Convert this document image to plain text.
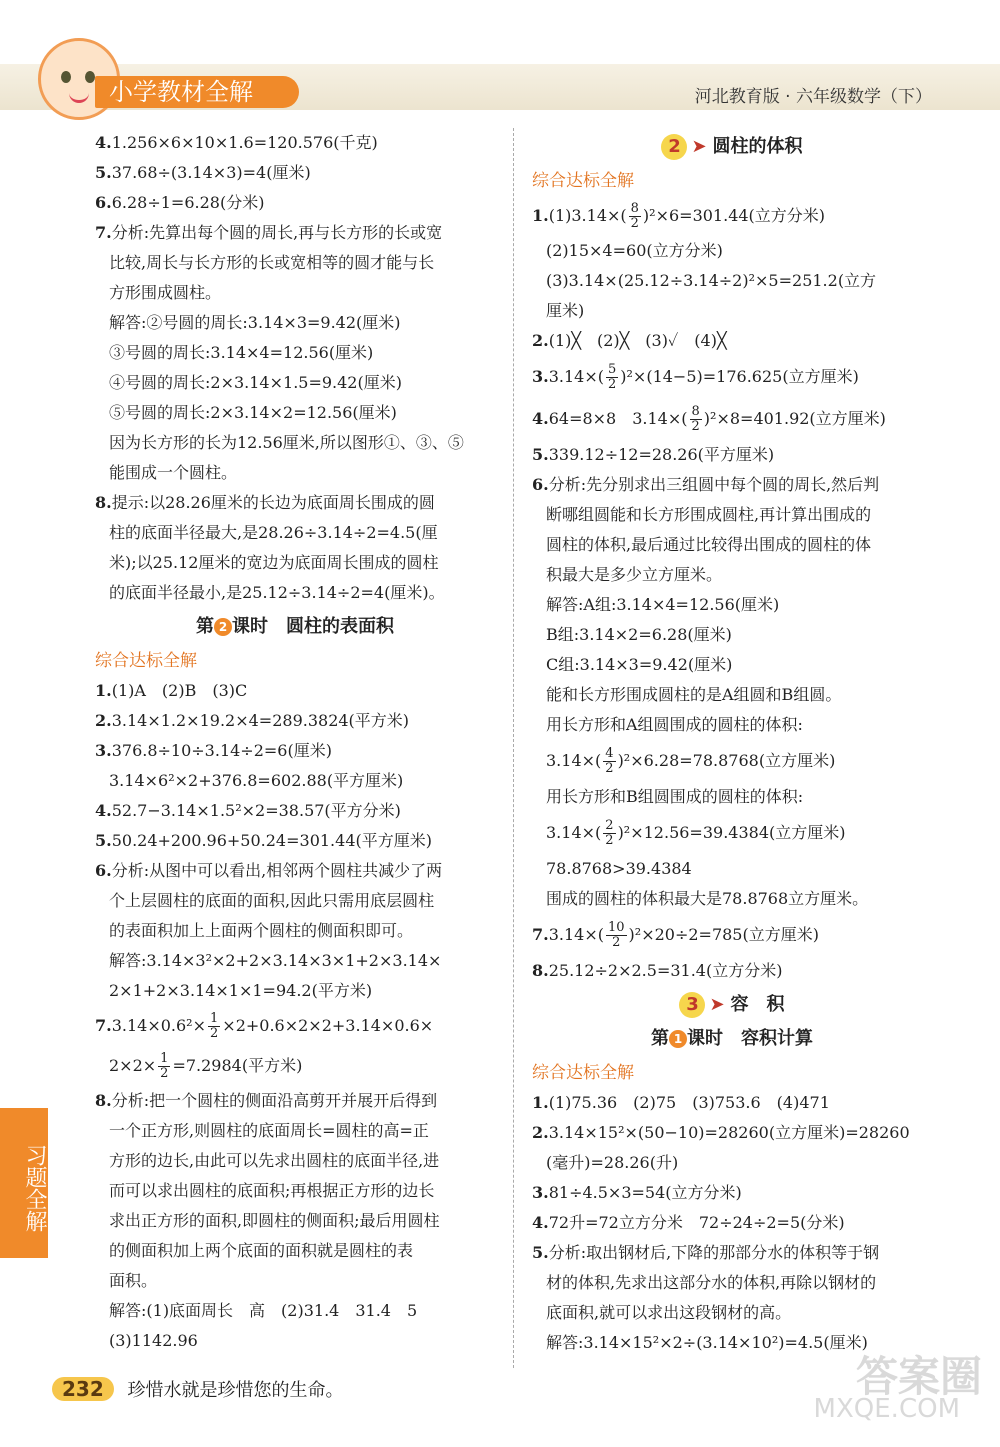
小学教材全解	河北教育版 · 六年级数学（下）
4.1.256×6×10×1.6=120.576(千克)
5.37.68÷(3.14×3)=4(厘米)
6.6.28÷1=6.28(分米)
7.分析:先算出每个圆的周长,再与长方形的长或宽
比较,周长与长方形的长或宽相等的圆才能与长
方形围成圆柱。
解答:②号圆的周长:3.14×3=9.42(厘米)
③号圆的周长:3.14×4=12.56(厘米)
④号圆的周长:2×3.14×1.5=9.42(厘米)
⑤号圆的周长:2×3.14×2=12.56(厘米)
因为长方形的长为12.56厘米,所以图形①、③、⑤
能围成一个圆柱。
8.提示:以28.26厘米的长边为底面周长围成的圆
柱的底面半径最大,是28.26÷3.14÷2=4.5(厘
米);以25.12厘米的宽边为底面周长围成的圆柱
的底面半径最小,是25.12÷3.14÷2=4(厘米)。
第 2 课时　圆柱的表面积
综合达标全解
1.(1)A　(2)B　(3)C
2.3.14×1.2×19.2×4=289.3824(平方米)
3.376.8÷10÷3.14÷2=6(厘米)
3.14×6²×2+376.8=602.88(平方厘米)
4.52.7−3.14×1.5²×2=38.57(平方分米)
5.50.24+200.96+50.24=301.44(平方厘米)
6.分析:从图中可以看出,相邻两个圆柱共减少了两
个上层圆柱的底面的面积,因此只需用底层圆柱
的表面积加上上面两个圆柱的侧面积即可。
解答:3.14×3²×2+2×3.14×3×1+2×3.14×
2×1+2×3.14×1×1=94.2(平方米)
$7.3.14\times 0.6^2\times \frac{1}{2} \times 2+0.6\times 2\times 2+3.14\times 0.6\times$
$2\times 2\times \frac{1}{2} =7.2984$(平方米)
8.分析:把一个圆柱的侧面沿高剪开并展开后得到
一个正方形,则圆柱的底面周长=圆柱的高=正
方形的边长,由此可以先求出圆柱的底面半径,进
而可以求出圆柱的底面积;再根据正方形的边长
求出正方形的面积,即圆柱的侧面积;最后用圆柱
的侧面积加上两个底面的面积就是圆柱的表
面积。
解答:(1)底面周长　高　(2)31.4　31.4　5
(3)1142.96
2 ➤ 圆柱的体积
综合达标全解
$1.(1)3.14\times( \frac{8}{2} )^2\times 6=301.44$(立方分米)
(2)15×4=60(立方分米)
(3)3.14×(25.12÷3.14÷2)²×5=251.2(立方
厘米)
2.(1)╳　(2)╳　(3)✓　(4)╳
$3.3.14\times( \frac{5}{2} )^2\times(14-5)=176.625$(立方厘米)
4.64=8×8　$3.14\times( \frac{8}{2} )^2\times 8=401.92$(立方厘米)
5.339.12÷12=28.26(平方厘米)
6.分析:先分别求出三组圆中每个圆的周长,然后判
断哪组圆能和长方形围成圆柱,再计算出围成的
圆柱的体积,最后通过比较得出围成的圆柱的体
积最大是多少立方厘米。
解答:A组:3.14×4=12.56(厘米)
B组:3.14×2=6.28(厘米)
C组:3.14×3=9.42(厘米)
能和长方形围成圆柱的是A组圆和B组圆。
用长方形和A组圆围成的圆柱的体积:
$3.14\times( \frac{4}{2} )^2\times 6.28=78.8768$(立方厘米)
用长方形和B组圆围成的圆柱的体积:
$3.14\times( \frac{2}{2} )^2\times 12.56=39.4384$(立方厘米)
78.8768>39.4384
围成的圆柱的体积最大是78.8768立方厘米。
$7.3.14\times( \frac{10}{2} )^2\times 20\div 2=785$(立方厘米)
8.25.12÷2×2.5=31.4(立方分米)
3 ➤ 容　积
第 1 课时　容积计算
综合达标全解
1.(1)75.36　(2)75　(3)753.6　(4)471
2.3.14×15²×(50−10)=28260(立方厘米)=28260
(毫升)=28.26(升)
3.81÷4.5×3=54(立方分米)
4.72升=72立方分米　72÷24÷2=5(分米)
5.分析:取出钢材后,下降的那部分水的体积等于钢
材的体积,先求出这部分水的体积,再除以钢材的
底面积,就可以求出这段钢材的高。
解答:3.14×15²×2÷(3.14×10²)=4.5(厘米)
习题全解
232 珍惜水就是珍惜您的生命。	答案圈
MXQE.COM
